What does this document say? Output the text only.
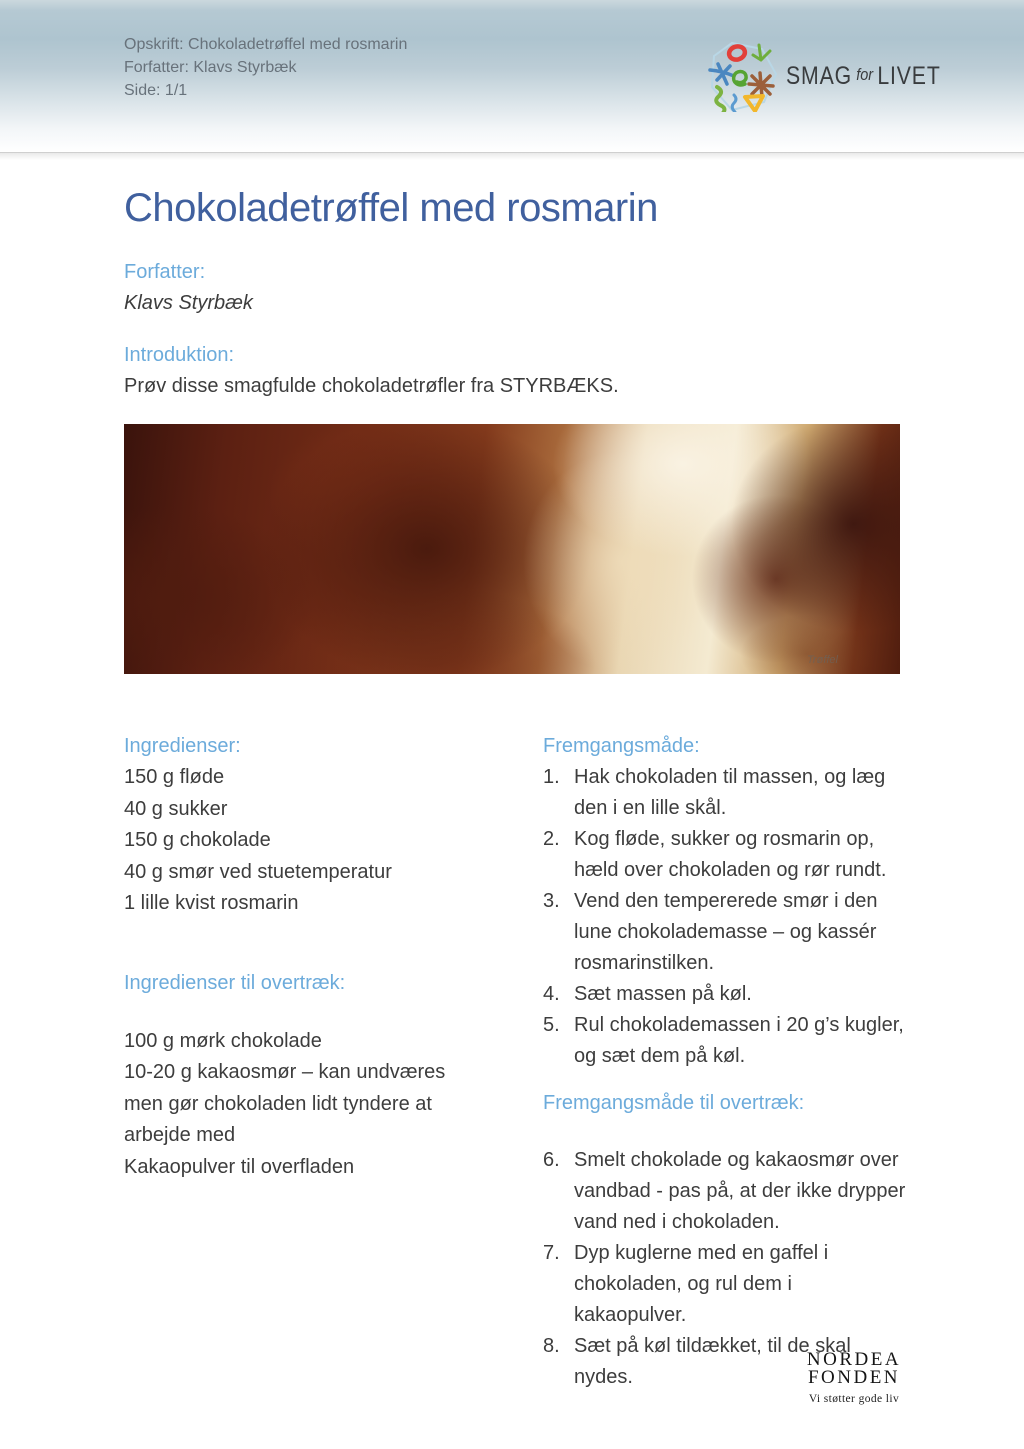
Opskrift: Chokoladetrøffel med rosmarin
Forfatter: Klavs Styrbæk
Side: 1/1
SMAG for LIVET
Chokoladetrøffel med rosmarin
Forfatter:
Klavs Styrbæk
Introduktion:
Prøv disse smagfulde chokoladetrøfler fra STYRBÆKS.
Trøffel
Ingredienser:
150 g fløde
40 g sukker
150 g chokolade
40 g smør ved stuetemperatur
1 lille kvist rosmarin
Ingredienser til overtræk:
100 g mørk chokolade
10-20 g kakaosmør – kan undværes men gør chokoladen lidt tyndere at arbejde med
Kakaopulver til overfladen
Fremgangsmåde:
1. Hak chokoladen til massen, og læg den i en lille skål.
2. Kog fløde, sukker og rosmarin op, hæld over chokoladen og rør rundt.
3. Vend den tempererede smør i den lune chokolademasse – og kassér rosmarinstilken.
4. Sæt massen på køl.
5. Rul chokolademassen i 20 g’s kugler, og sæt dem på køl.
Fremgangsmåde til overtræk:
6. Smelt chokolade og kakaosmør over vandbad - pas på, at der ikke drypper vand ned i chokoladen.
7. Dyp kuglerne med en gaffel i chokoladen, og rul dem i kakaopulver.
8. Sæt på køl tildækket, til de skal nydes.
NORDEA
FONDEN
Vi støtter gode liv
